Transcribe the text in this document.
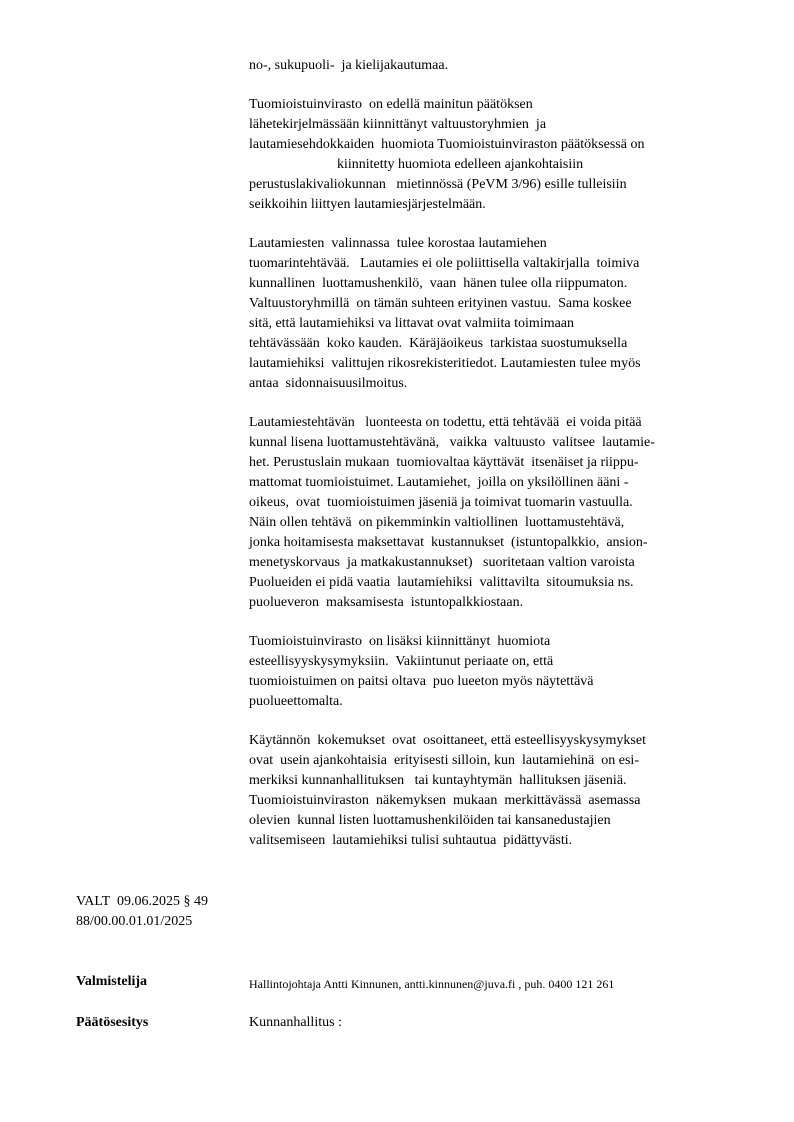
no-, sukupuoli-  ja kielijakautumaa.
Tuomioistuinvirasto  on edellä mainitun päätöksen
lähetekirjelmässään kiinnittänyt valtuustoryhmien  ja
lautamiesehdokkaiden  huomiota Tuomioistuinviraston päätöksessä on
kiinnitetty huomiota edelleen ajankohtaisiin
perustuslakivaliokunnan   mietinnössä (PeVM 3/96) esille tulleisiin
seikkoihin liittyen lautamiesjärjestelmään.
Lautamiesten  valinnassa  tulee korostaa lautamiehen
tuomarintehtävää.   Lautamies ei ole poliittisella valtakirjalla  toimiva
kunnallinen  luottamushenkilö,  vaan  hänen tulee olla riippumaton.
Valtuustoryhmillä  on tämän suhteen erityinen vastuu.  Sama koskee
sitä, että lautamiehiksi va littavat ovat valmiita toimimaan
tehtävässään  koko kauden.  Käräjäoikeus  tarkistaa suostumuksella
lautamiehiksi  valittujen rikosrekisteritiedot. Lautamiesten tulee myös
antaa  sidonnaisuusilmoitus.
Lautamiestehtävän   luonteesta on todettu, että tehtävää  ei voida pitää
kunnal lisena luottamustehtävänä,   vaikka  valtuusto  valitsee  lautamie-
het. Perustuslain mukaan  tuomiovaltaa käyttävät  itsenäiset ja riippu-
mattomat tuomioistuimet. Lautamiehet,  joilla on yksilöllinen ääni -
oikeus,  ovat  tuomioistuimen jäseniä ja toimivat tuomarin vastuulla.
Näin ollen tehtävä  on pikemminkin valtiollinen  luottamustehtävä,
jonka hoitamisesta maksettavat  kustannukset  (istuntopalkkio,  ansion-
menetyskorvaus  ja matkakustannukset)   suoritetaan valtion varoista
Puolueiden ei pidä vaatia  lautamiehiksi  valittavilta  sitoumuksia ns.
puolueveron  maksamisesta  istuntopalkkiostaan.
Tuomioistuinvirasto  on lisäksi kiinnittänyt  huomiota
esteellisyyskysymyksiin.  Vakiintunut periaate on, että
tuomioistuimen on paitsi oltava  puo lueeton myös näytettävä
puolueettomalta.
Käytännön  kokemukset  ovat  osoittaneet, että esteellisyyskysymykset
ovat  usein ajankohtaisia  erityisesti silloin, kun  lautamiehinä  on esi-
merkiksi kunnanhallituksen   tai kuntayhtymän  hallituksen jäseniä.
Tuomioistuinviraston  näkemyksen  mukaan  merkittävässä  asemassa
olevien  kunnal listen luottamushenkilöiden tai kansanedustajien
valitsemiseen  lautamiehiksi tulisi suhtautua  pidättyvästi.
VALT  09.06.2025 § 49
88/00.00.01.01/2025
Valmistelija	Hallintojohtaja Antti Kinnunen, antti.kinnunen@juva.fi , puh. 0400 121 261
Päätösesitys	Kunnanhallitus :
